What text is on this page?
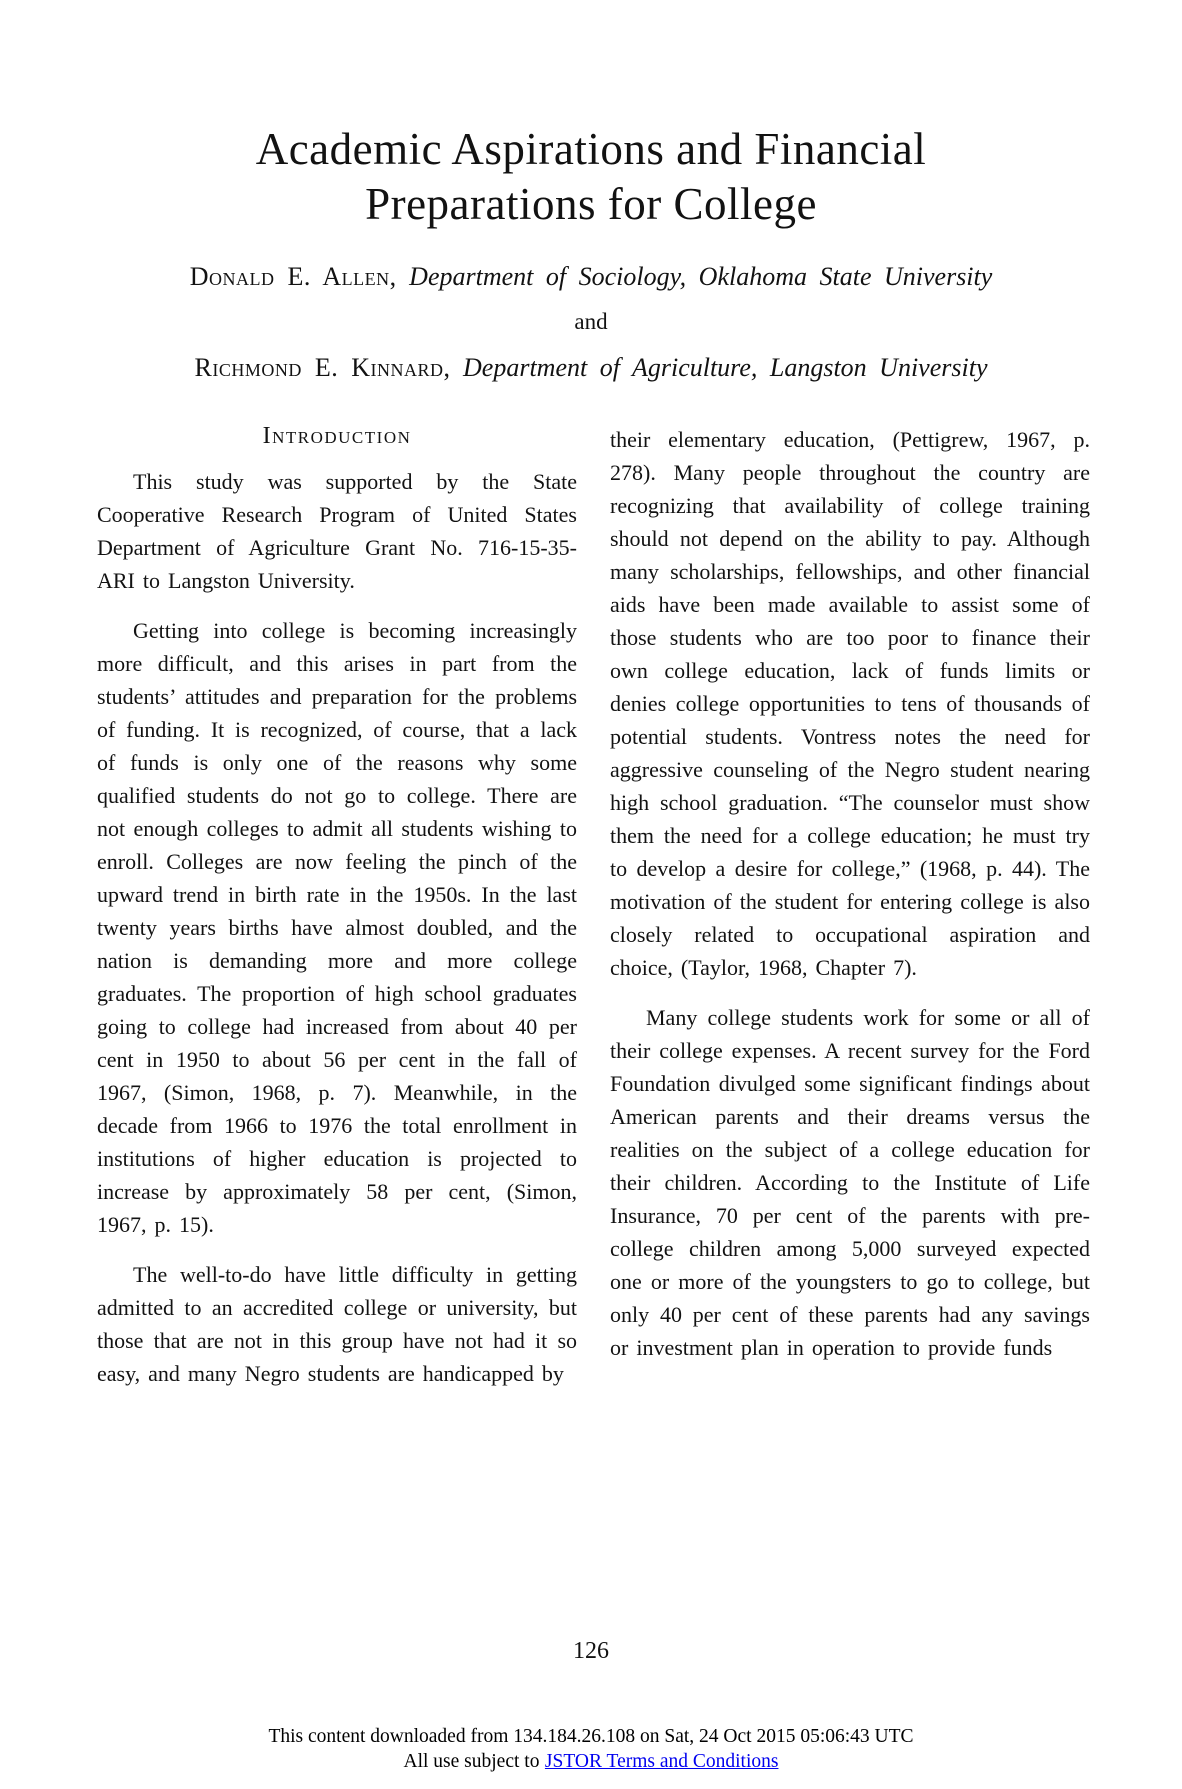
Academic Aspirations and Financial
Preparations for College

Donald E. Allen, Department of Sociology, Oklahoma State University

and

Richmond E. Kinnard, Department of Agriculture, Langston University

Introduction

This study was supported by the State Cooperative Research Program of United States Department of Agriculture Grant No. 716-15-35-ARI to Langston University.

Getting into college is becoming increasingly more difficult, and this arises in part from the students’ attitudes and preparation for the problems of funding. It is recognized, of course, that a lack of funds is only one of the reasons why some qualified students do not go to college. There are not enough colleges to admit all students wishing to enroll. Colleges are now feeling the pinch of the upward trend in birth rate in the 1950s. In the last twenty years births have almost doubled, and the nation is demanding more and more college graduates. The proportion of high school graduates going to college had increased from about 40 per cent in 1950 to about 56 per cent in the fall of 1967, (Simon, 1968, p. 7). Meanwhile, in the decade from 1966 to 1976 the total enrollment in institutions of higher education is projected to increase by approximately 58 per cent, (Simon, 1967, p. 15).

The well-to-do have little difficulty in getting admitted to an accredited college or university, but those that are not in this group have not had it so easy, and many Negro students are handicapped by

their elementary education, (Pettigrew, 1967, p. 278). Many people throughout the country are recognizing that availability of college training should not depend on the ability to pay. Although many scholarships, fellowships, and other financial aids have been made available to assist some of those students who are too poor to finance their own college education, lack of funds limits or denies college opportunities to tens of thousands of potential students. Vontress notes the need for aggressive counseling of the Negro student nearing high school graduation. “The counselor must show them the need for a college education; he must try to develop a desire for college,” (1968, p. 44). The motivation of the student for entering college is also closely related to occupational aspiration and choice, (Taylor, 1968, Chapter 7).

Many college students work for some or all of their college expenses. A recent survey for the Ford Foundation divulged some significant findings about American parents and their dreams versus the realities on the subject of a college education for their children. According to the Institute of Life Insurance, 70 per cent of the parents with pre-college children among 5,000 surveyed expected one or more of the youngsters to go to college, but only 40 per cent of these parents had any savings or investment plan in operation to provide funds

126
This content downloaded from 134.184.26.108 on Sat, 24 Oct 2015 05:06:43 UTC
All use subject to JSTOR Terms and Conditions
